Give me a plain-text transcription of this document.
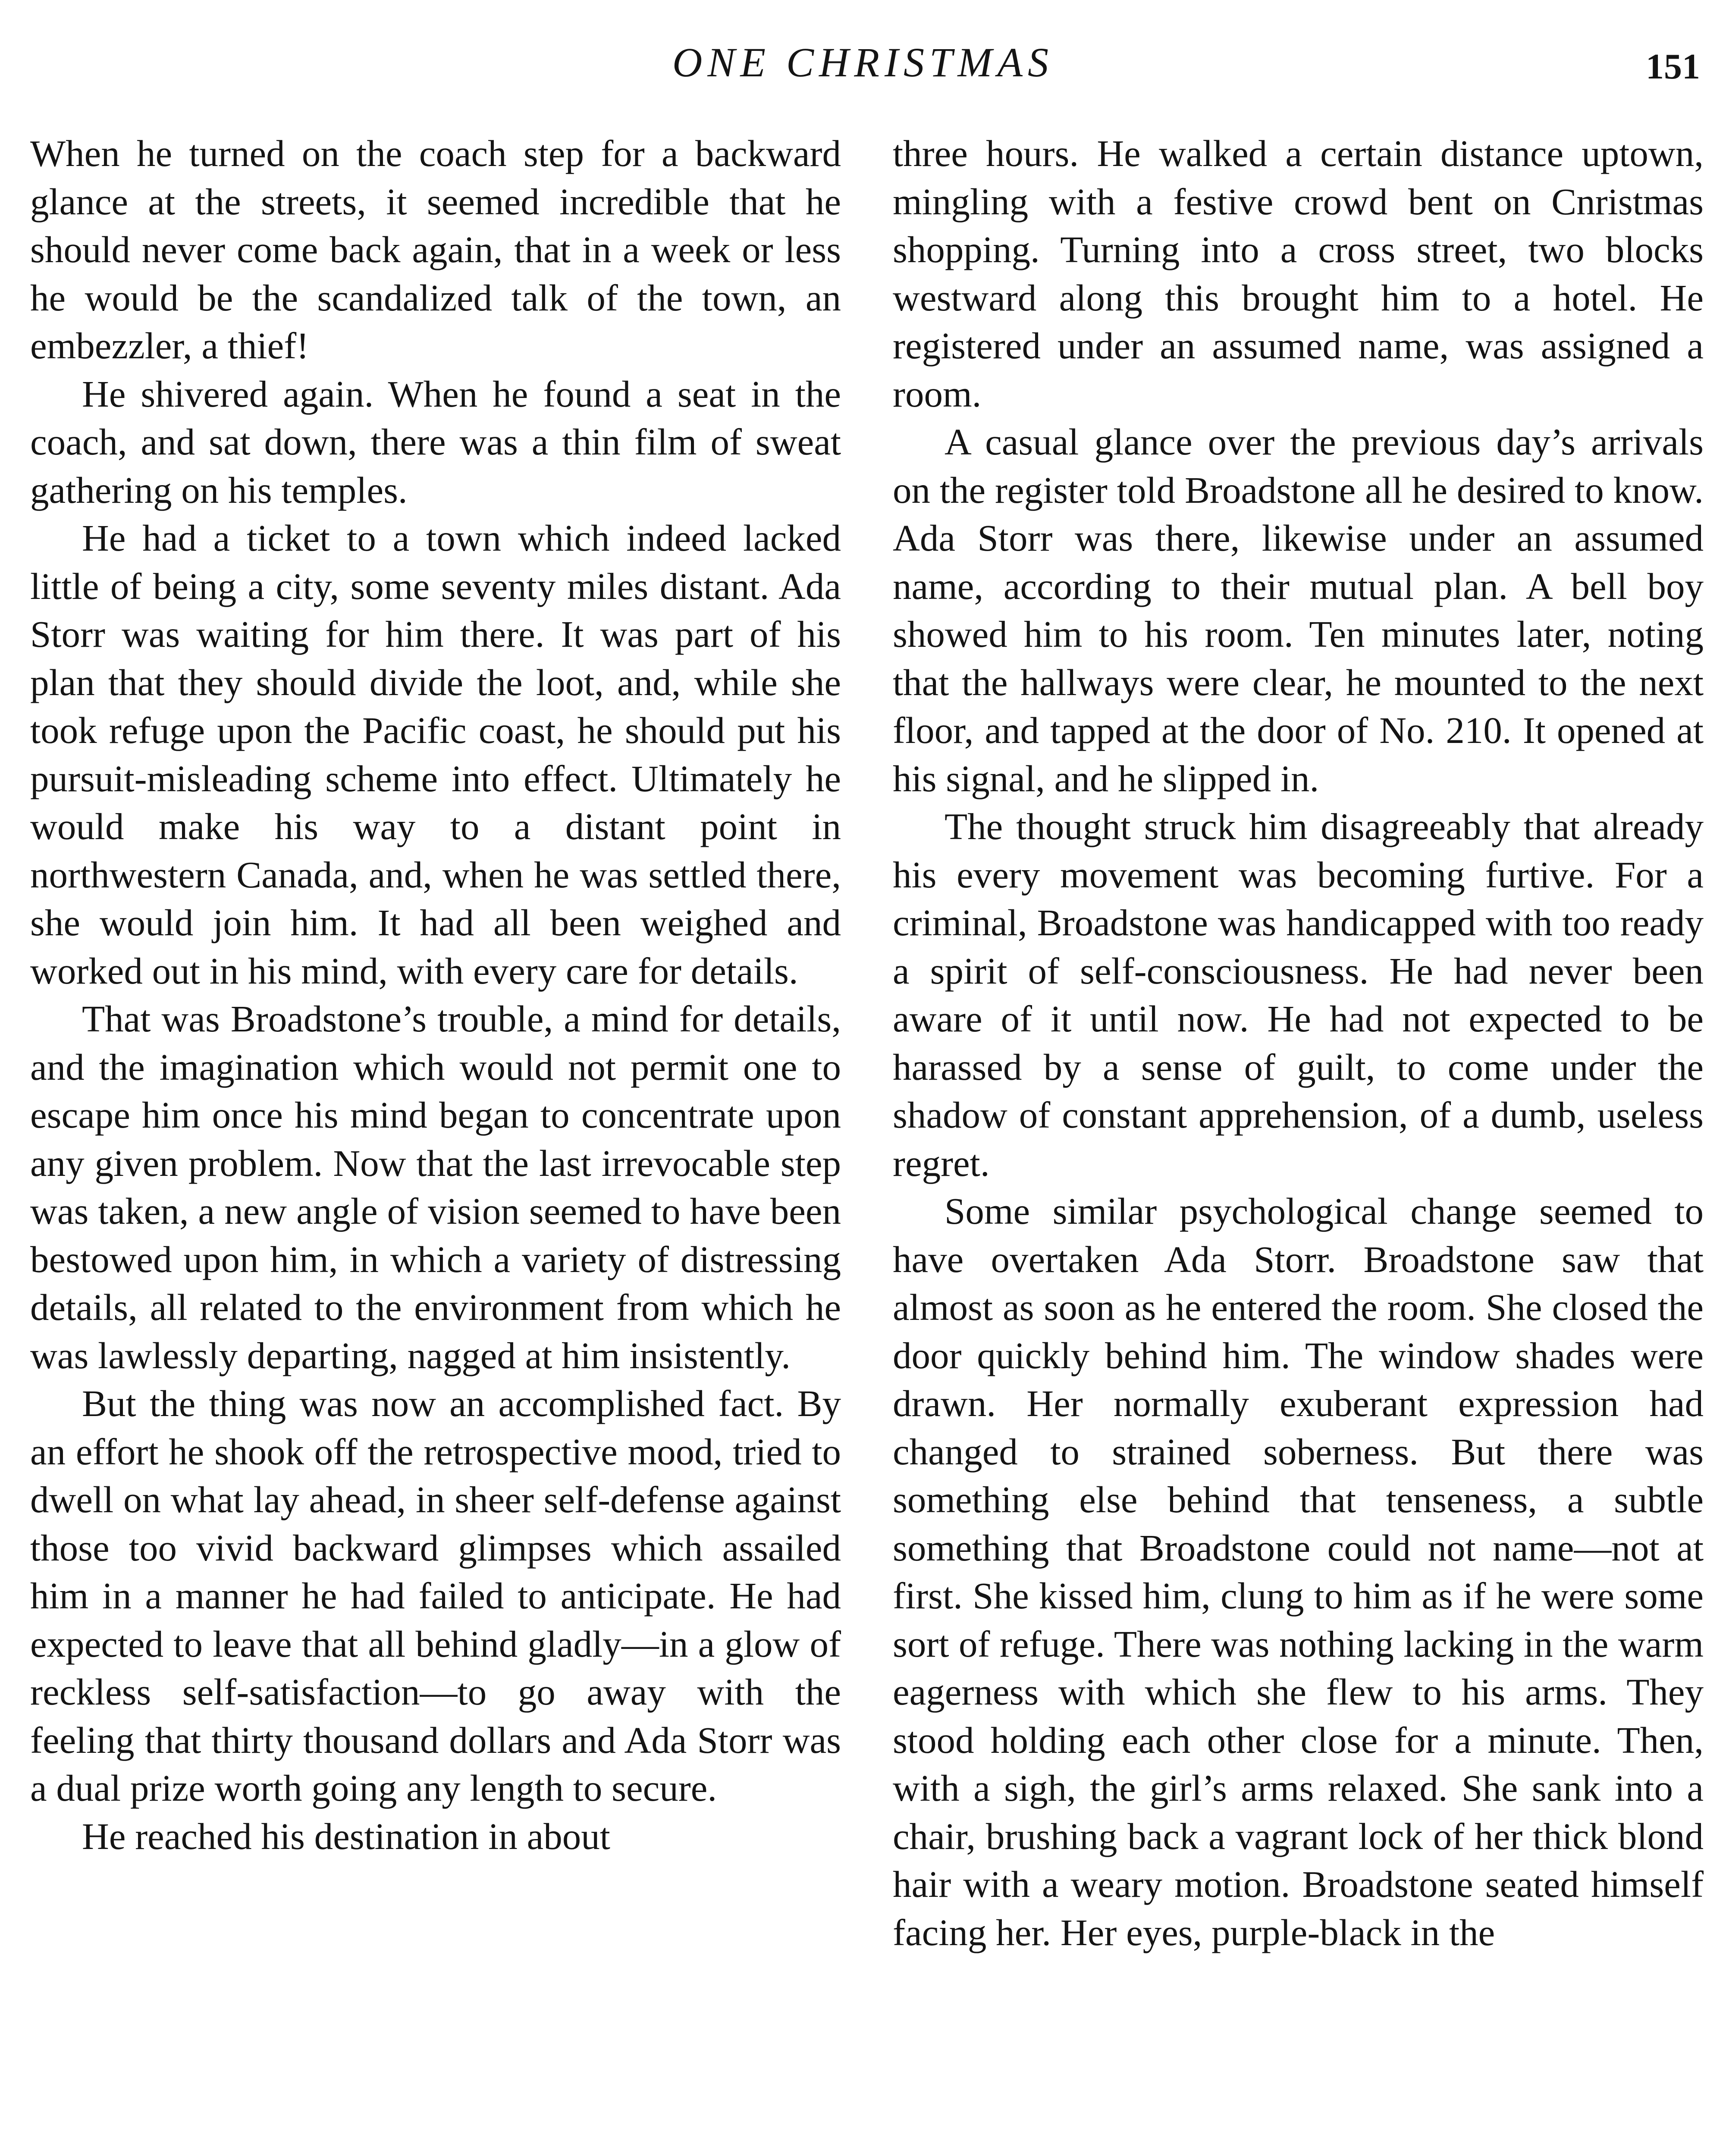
ONE CHRISTMAS	151

When he turned on the coach step for a backward glance at the streets, it seemed incredible that he should never come back again, that in a week or less he would be the scandalized talk of the town, an embezzler, a thief!

He shivered again. When he found a seat in the coach, and sat down, there was a thin film of sweat gathering on his temples.

He had a ticket to a town which indeed lacked little of being a city, some seventy miles distant. Ada Storr was waiting for him there. It was part of his plan that they should divide the loot, and, while she took refuge upon the Pacific coast, he should put his pursuit-misleading scheme into effect. Ultimately he would make his way to a distant point in northwestern Canada, and, when he was settled there, she would join him. It had all been weighed and worked out in his mind, with every care for details.

That was Broadstone’s trouble, a mind for details, and the imagination which would not permit one to escape him once his mind began to concentrate upon any given problem. Now that the last irrevocable step was taken, a new angle of vision seemed to have been bestowed upon him, in which a variety of distressing details, all related to the environment from which he was lawlessly departing, nagged at him insistently.

But the thing was now an accomplished fact. By an effort he shook off the retrospective mood, tried to dwell on what lay ahead, in sheer self-defense against those too vivid backward glimpses which assailed him in a manner he had failed to anticipate. He had expected to leave that all behind gladly—in a glow of reckless self-satisfaction—to go away with the feeling that thirty thousand dollars and Ada Storr was a dual prize worth going any length to secure.

He reached his destination in about

three hours. He walked a certain distance uptown, mingling with a festive crowd bent on Cnristmas shopping. Turning into a cross street, two blocks westward along this brought him to a hotel. He registered under an assumed name, was assigned a room.

A casual glance over the previous day’s arrivals on the register told Broadstone all he desired to know. Ada Storr was there, likewise under an assumed name, according to their mutual plan. A bell boy showed him to his room. Ten minutes later, noting that the hallways were clear, he mounted to the next floor, and tapped at the door of No. 210. It opened at his signal, and he slipped in.

The thought struck him disagreeably that already his every movement was becoming furtive. For a criminal, Broadstone was handicapped with too ready a spirit of self-consciousness. He had never been aware of it until now. He had not expected to be harassed by a sense of guilt, to come under the shadow of constant apprehension, of a dumb, useless regret.

Some similar psychological change seemed to have overtaken Ada Storr. Broadstone saw that almost as soon as he entered the room. She closed the door quickly behind him. The window shades were drawn. Her normally exuberant expression had changed to strained soberness. But there was something else behind that tenseness, a subtle something that Broadstone could not name—not at first. She kissed him, clung to him as if he were some sort of refuge. There was nothing lacking in the warm eagerness with which she flew to his arms. They stood holding each other close for a minute. Then, with a sigh, the girl’s arms relaxed. She sank into a chair, brushing back a vagrant lock of her thick blond hair with a weary motion. Broadstone seated himself facing her. Her eyes, purple-black in the
